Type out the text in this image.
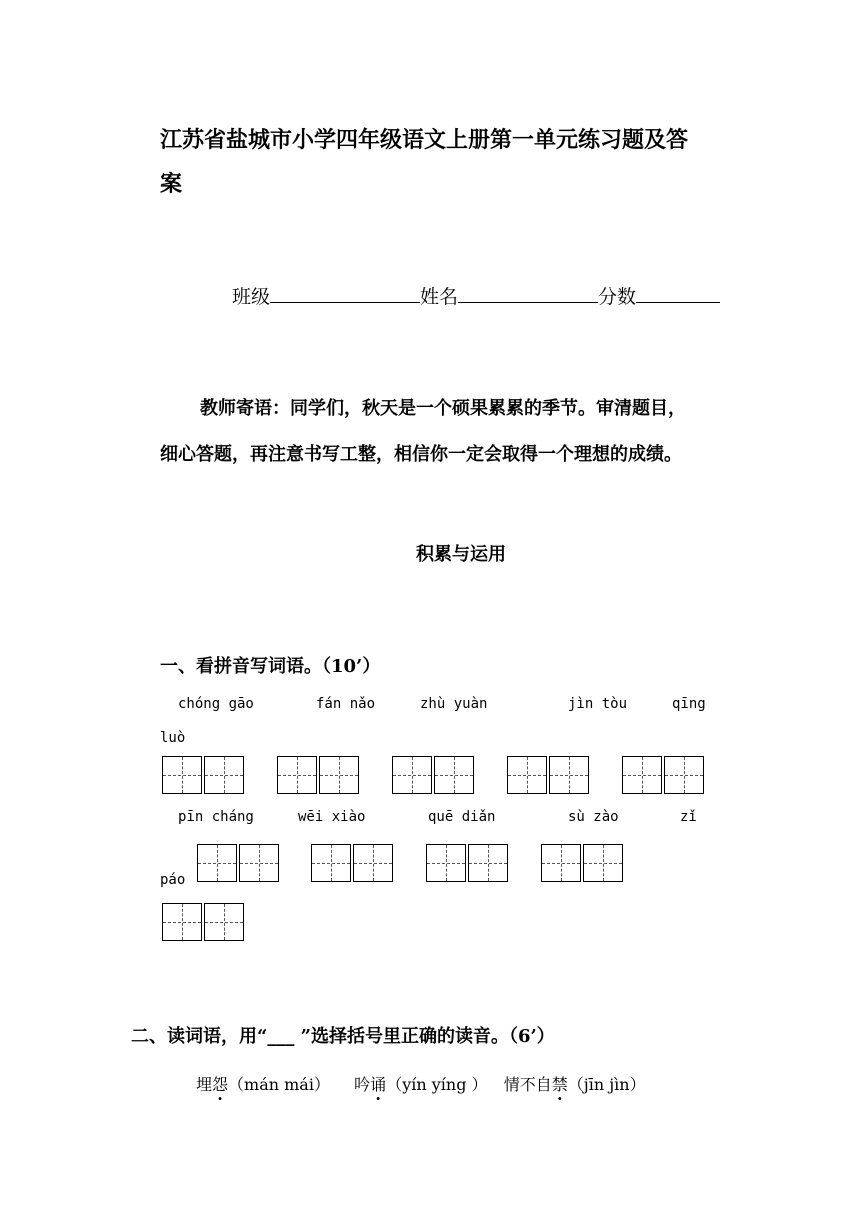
江苏省盐城市小学四年级语文上册第一单元练习题及答
案
班级	姓名	分数
教师寄语：同学们，秋天是一个硕果累累的季节。审清题目，
细心答题，再注意书写工整，相信你一定会取得一个理想的成绩。
积累与运用
一、看拼音写词语。（10’）
chóng gāo	fán nǎo	zhù yuàn	jìn tòu	qīng
luò
pīn cháng	wēi xiào	quē diǎn	sù zào	zǐ
páo
二、读词语，用“___ ”选择括号里正确的读音。（6’）
埋怨（mán mái） 吟诵（yín yíng ） 情不自禁（jīn jìn）
